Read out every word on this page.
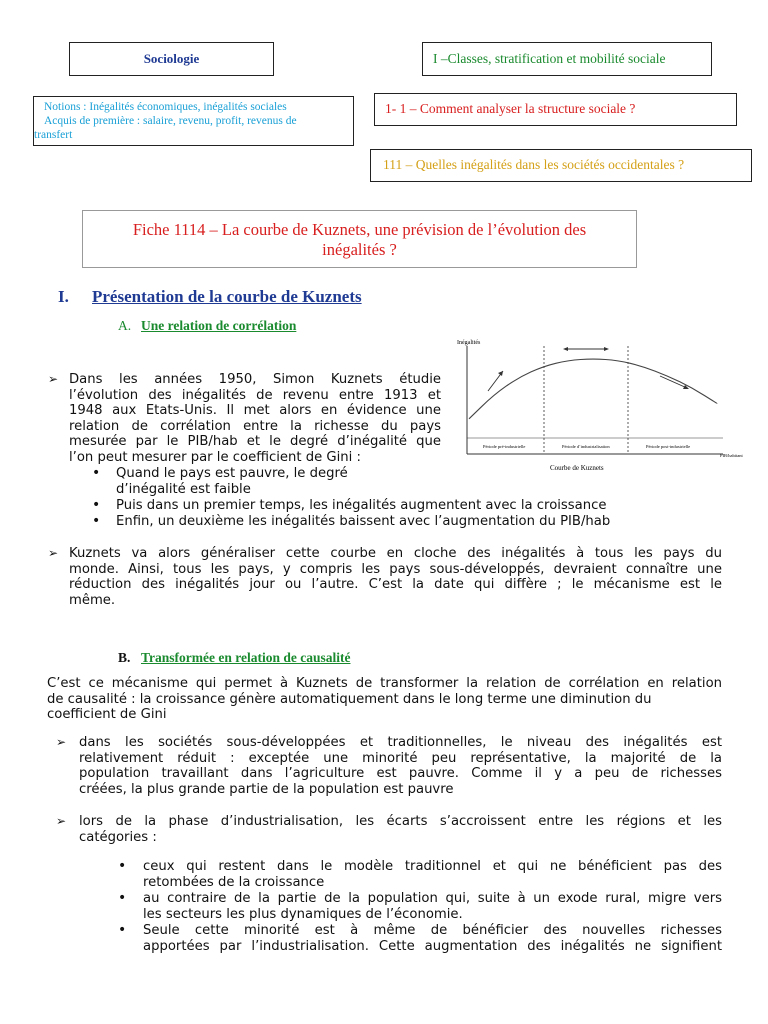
Sociologie	I –Classes, stratification et mobilité sociale
Notions : Inégalités économiques, inégalités sociales
Acquis de première : salaire, revenu, profit, revenus de
transfert
1- 1 – Comment analyser la structure sociale ?
111 – Quelles inégalités dans les sociétés occidentales ?
Fiche 1114 – La courbe de Kuznets, une prévision de l’évolution des
inégalités ?
I. Présentation de la courbe de Kuznets
A. Une relation de corrélation
Inégalités
PIB/habitant
Période pré-industrielle	Période d’industrialisation	Période post-industrielle
Courbe de Kuznets
➢ Dans les années 1950, Simon Kuznets étudie
l’évolution des inégalités de revenu entre 1913 et
1948 aux Etats-Unis. Il met alors en évidence une
relation de corrélation entre la richesse du pays
mesurée par le PIB/hab et le degré d’inégalité que
l’on peut mesurer par le coefficient de Gini :
• Quand le pays est pauvre, le degré
d’inégalité est faible
• Puis dans un premier temps, les inégalités augmentent avec la croissance
• Enfin, un deuxième les inégalités baissent avec l’augmentation du PIB/hab
➢ Kuznets va alors généraliser cette courbe en cloche des inégalités à tous les pays du
monde. Ainsi, tous les pays, y compris les pays sous-développés, devraient connaître une
réduction des inégalités jour ou l’autre. C’est la date qui diffère ; le mécanisme est le
même.
B. Transformée en relation de causalité
C’est ce mécanisme qui permet à Kuznets de transformer la relation de corrélation en relation
de causalité : la croissance génère automatiquement dans le long terme une diminution du
coefficient de Gini
➢ dans les sociétés sous-développées et traditionnelles, le niveau des inégalités est
relativement réduit : exceptée une minorité peu représentative, la majorité de la
population travaillant dans l’agriculture est pauvre. Comme il y a peu de richesses
créées, la plus grande partie de la population est pauvre
➢ lors de la phase d’industrialisation, les écarts s’accroissent entre les régions et les
catégories :
• ceux qui restent dans le modèle traditionnel et qui ne bénéficient pas des
retombées de la croissance
• au contraire de la partie de la population qui, suite à un exode rural, migre vers
les secteurs les plus dynamiques de l’économie.
• Seule cette minorité est à même de bénéficier des nouvelles richesses
apportées par l’industrialisation. Cette augmentation des inégalités ne signifient
